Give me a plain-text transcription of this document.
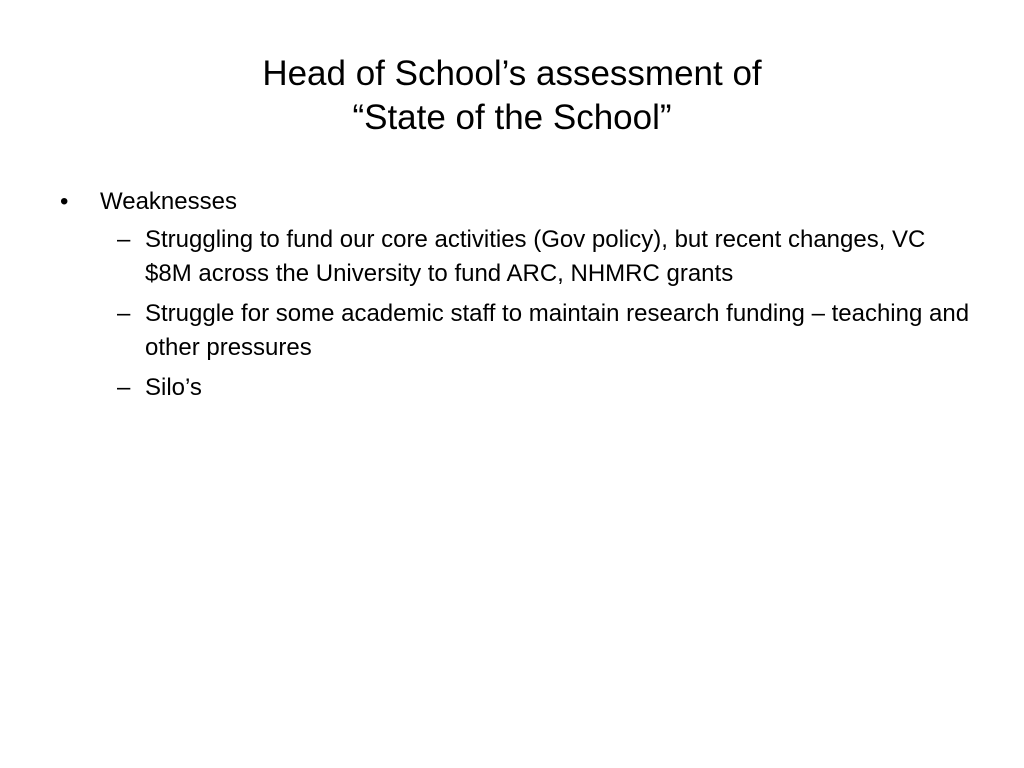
Head of School’s assessment of
“State of the School”
•	Weaknesses
– Struggling to fund our core activities (Gov policy), but recent changes, VC $8M across the University to fund ARC, NHMRC grants
– Struggle for some academic staff to maintain research funding – teaching and other pressures
– Silo’s
